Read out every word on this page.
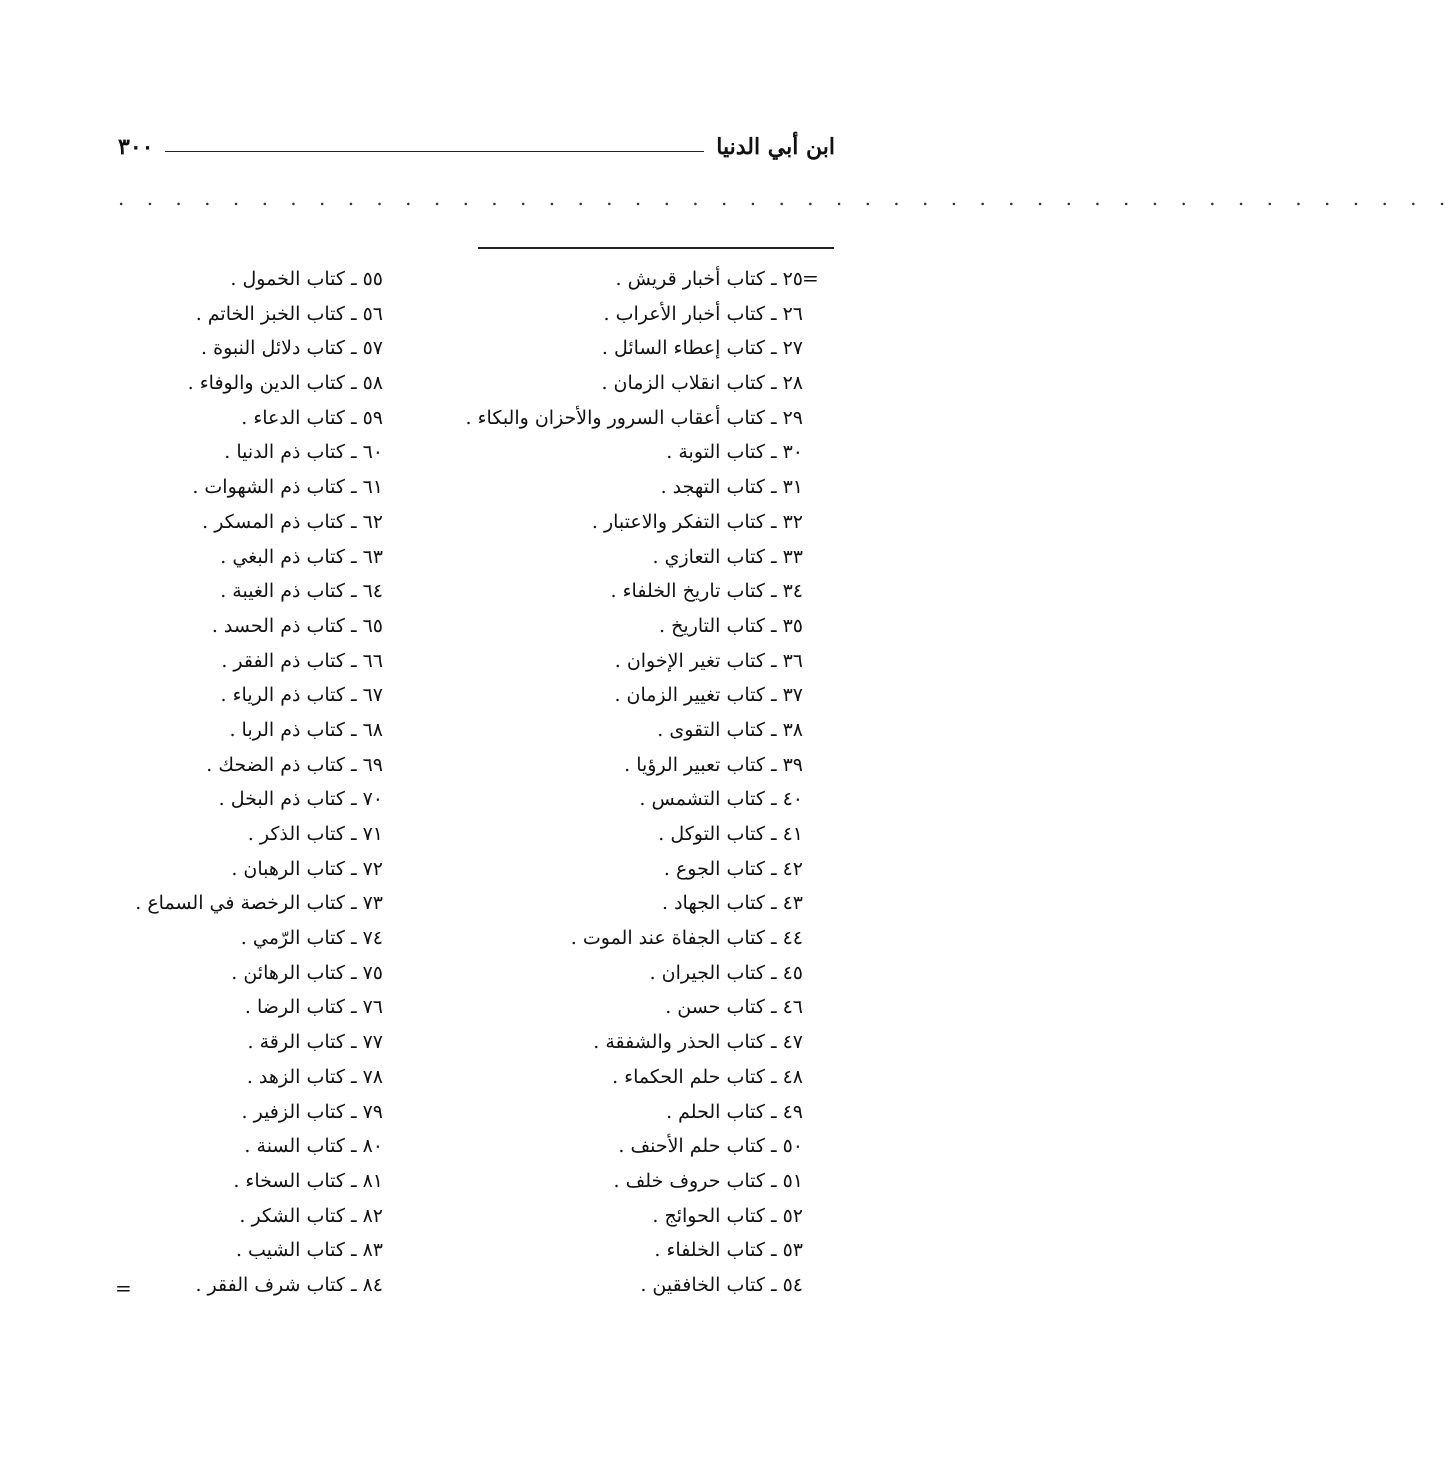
ابن أبي الدنيا
٣٠٠
. . . . . . . . . . . . . . . . . . . . . . . . . . . . . . . . . . . . . . . . . . . . . . .
=
٢٥ ـ كتاب أخبار قريش .
٢٦ ـ كتاب أخبار الأعراب .
٢٧ ـ كتاب إعطاء السائل .
٢٨ ـ كتاب انقلاب الزمان .
٢٩ ـ كتاب أعقاب السرور والأحزان والبكاء .
٣٠ ـ كتاب التوبة .
٣١ ـ كتاب التهجد .
٣٢ ـ كتاب التفكر والاعتبار .
٣٣ ـ كتاب التعازي .
٣٤ ـ كتاب تاريخ الخلفاء .
٣٥ ـ كتاب التاريخ .
٣٦ ـ كتاب تغير الإخوان .
٣٧ ـ كتاب تغيير الزمان .
٣٨ ـ كتاب التقوى .
٣٩ ـ كتاب تعبير الرؤيا .
٤٠ ـ كتاب التشمس .
٤١ ـ كتاب التوكل .
٤٢ ـ كتاب الجوع .
٤٣ ـ كتاب الجهاد .
٤٤ ـ كتاب الجفاة عند الموت .
٤٥ ـ كتاب الجيران .
٤٦ ـ كتاب حسن .
٤٧ ـ كتاب الحذر والشفقة .
٤٨ ـ كتاب حلم الحكماء .
٤٩ ـ كتاب الحلم .
٥٠ ـ كتاب حلم الأحنف .
٥١ ـ كتاب حروف خلف .
٥٢ ـ كتاب الحوائج .
٥٣ ـ كتاب الخلفاء .
٥٤ ـ كتاب الخافقين .
٥٥ ـ كتاب الخمول .
٥٦ ـ كتاب الخبز الخاتم .
٥٧ ـ كتاب دلائل النبوة .
٥٨ ـ كتاب الدين والوفاء .
٥٩ ـ كتاب الدعاء .
٦٠ ـ كتاب ذم الدنيا .
٦١ ـ كتاب ذم الشهوات .
٦٢ ـ كتاب ذم المسكر .
٦٣ ـ كتاب ذم البغي .
٦٤ ـ كتاب ذم الغيبة .
٦٥ ـ كتاب ذم الحسد .
٦٦ ـ كتاب ذم الفقر .
٦٧ ـ كتاب ذم الرياء .
٦٨ ـ كتاب ذم الربا .
٦٩ ـ كتاب ذم الضحك .
٧٠ ـ كتاب ذم البخل .
٧١ ـ كتاب الذكر .
٧٢ ـ كتاب الرهبان .
٧٣ ـ كتاب الرخصة في السماع .
٧٤ ـ كتاب الرّمي .
٧٥ ـ كتاب الرهائن .
٧٦ ـ كتاب الرضا .
٧٧ ـ كتاب الرقة .
٧٨ ـ كتاب الزهد .
٧٩ ـ كتاب الزفير .
٨٠ ـ كتاب السنة .
٨١ ـ كتاب السخاء .
٨٢ ـ كتاب الشكر .
٨٣ ـ كتاب الشيب .
٨٤ ـ كتاب شرف الفقر .
=
